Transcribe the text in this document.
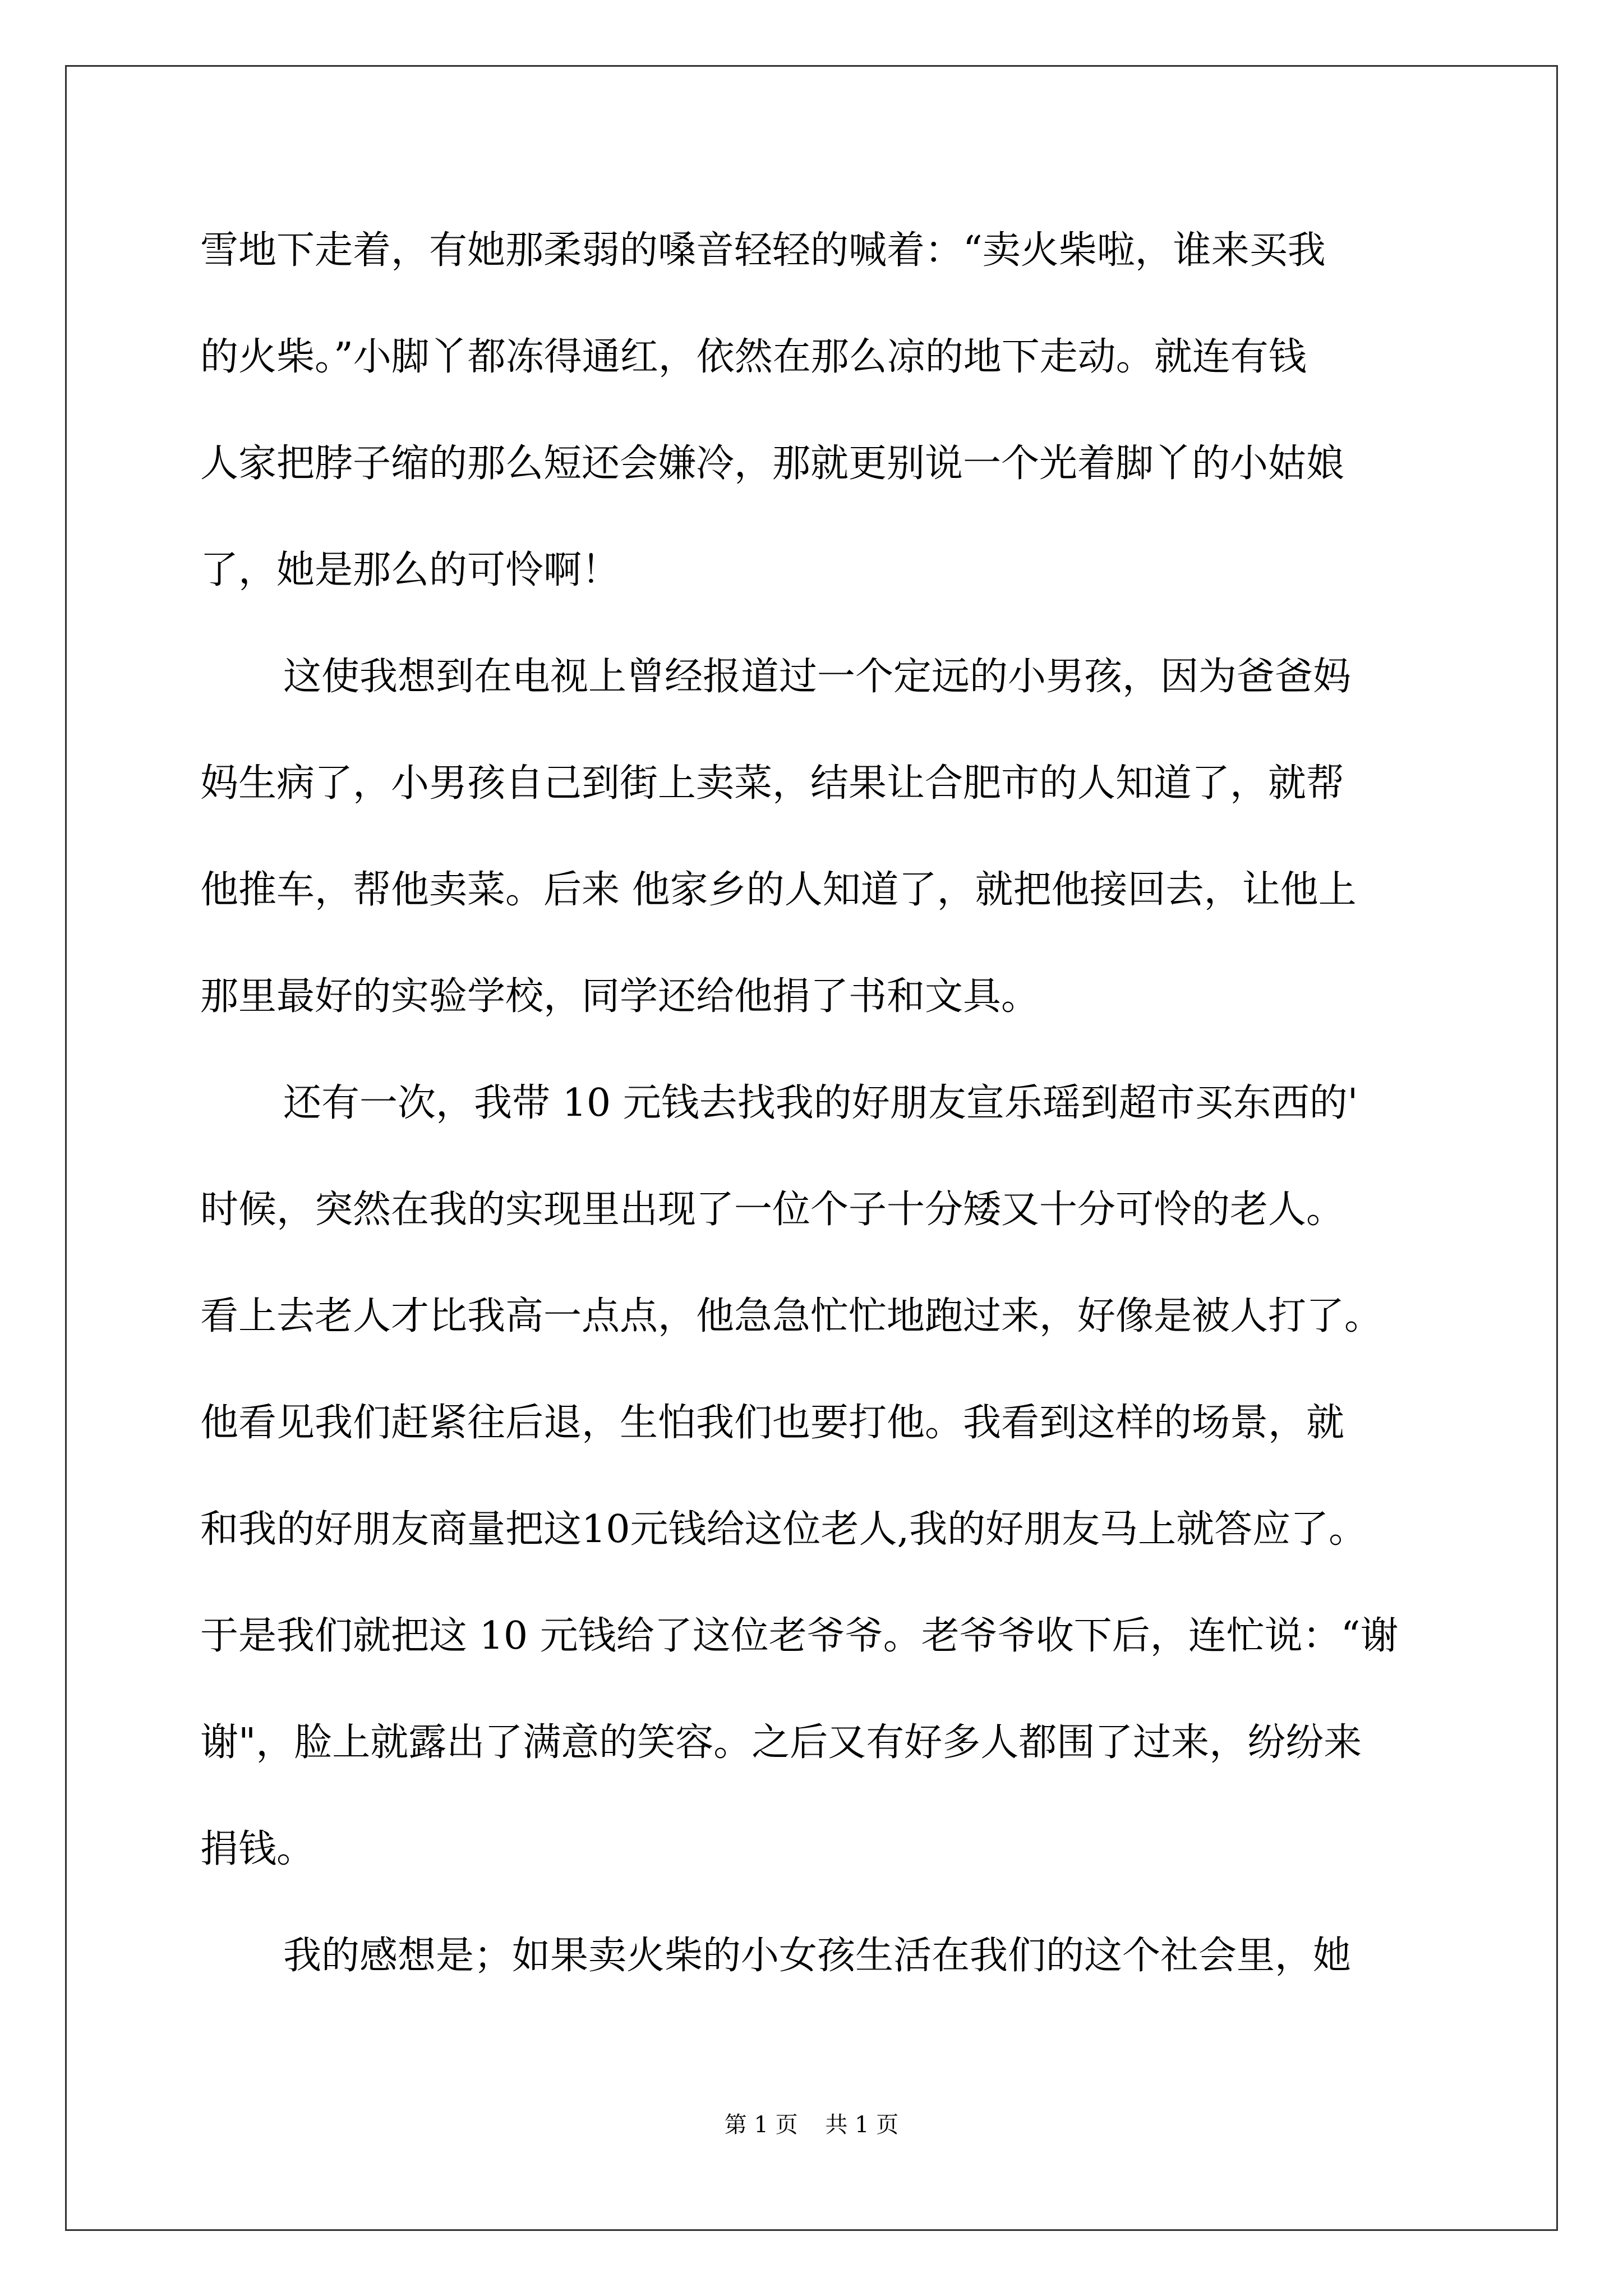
雪地下走着，有她那柔弱的嗓音轻轻的喊着：“卖火柴啦，谁来买我
的火柴。”小脚丫都冻得通红，依然在那么凉的地下走动。就连有钱
人家把脖子缩的那么短还会嫌冷，那就更别说一个光着脚丫的小姑娘
了，她是那么的可怜啊！
这使我想到在电视上曾经报道过一个定远的小男孩，因为爸爸妈
妈生病了，小男孩自己到街上卖菜，结果让合肥市的人知道了，就帮
他推车，帮他卖菜。后来 他家乡的人知道了，就把他接回去，让他上
那里最好的实验学校，同学还给他捐了书和文具。
还有一次，我带 10 元钱去找我的好朋友宣乐瑶到超市买东西的'
时候，突然在我的实现里出现了一位个子十分矮又十分可怜的老人。
看上去老人才比我高一点点，他急急忙忙地跑过来，好像是被人打了。
他看见我们赶紧往后退，生怕我们也要打他。我看到这样的场景，就
和我的好朋友商量把这10元钱给这位老人,我的好朋友马上就答应了。
于是我们就把这 10 元钱给了这位老爷爷。老爷爷收下后，连忙说：“谢
谢"，脸上就露出了满意的笑容。之后又有好多人都围了过来，纷纷来
捐钱。
我的感想是；如果卖火柴的小女孩生活在我们的这个社会里，她
第 1 页 共 1 页
